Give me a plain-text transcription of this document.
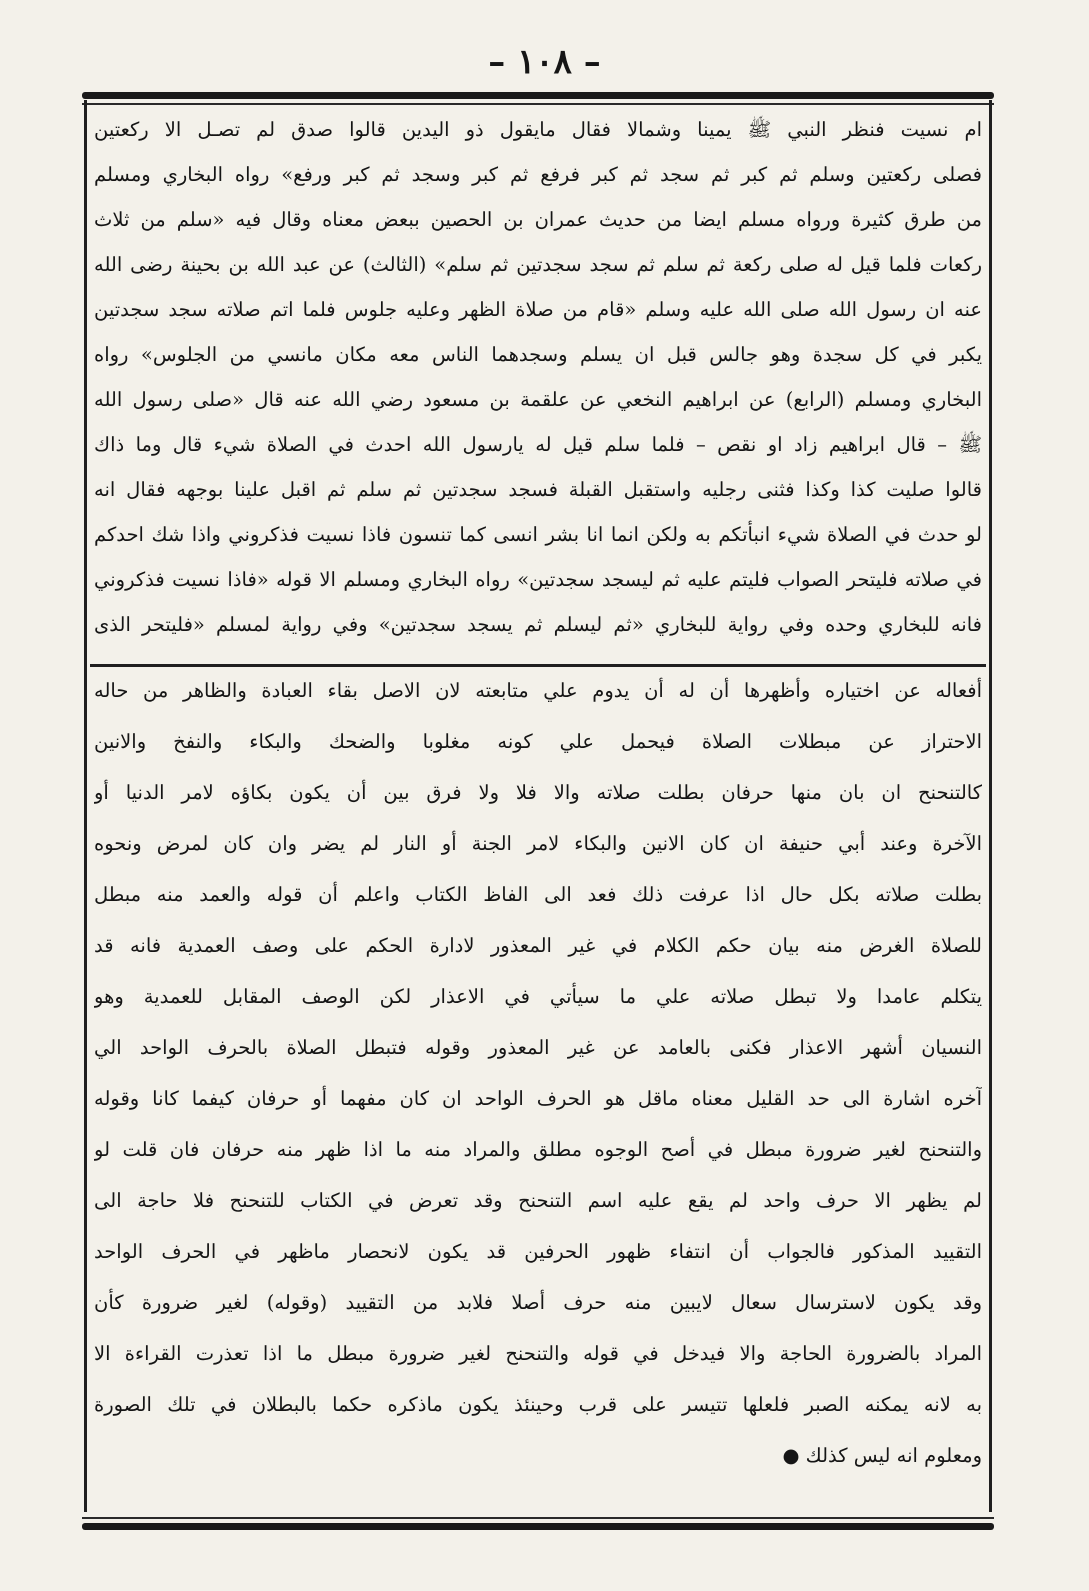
– ١٠٨ –
ام نسيت فنظر النبي ﷺ يمينا وشمالا فقال مايقول ذو اليدين قالوا صدق لم تصـل الا ركعتين
فصلى ركعتين وسلم ثم كبر ثم سجد ثم كبر فرفع ثم كبر وسجد ثم كبر ورفع» رواه البخاري ومسلم
من طرق كثيرة ورواه مسلم ايضا من حديث عمران بن الحصين ببعض معناه وقال فيه «سلم من ثلاث
ركعات فلما قيل له صلى ركعة ثم سلم ثم سجد سجدتين ثم سلم» (الثالث) عن عبد الله بن بحينة رضى الله
عنه ان رسول الله صلى الله عليه وسلم «قام من صلاة الظهر وعليه جلوس فلما اتم صلاته سجد سجدتين
يكبر في كل سجدة وهو جالس قبل ان يسلم وسجدهما الناس معه مكان مانسي من الجلوس» رواه
البخاري ومسلم (الرابع) عن ابراهيم النخعي عن علقمة بن مسعود رضي الله عنه قال «صلى رسول الله
ﷺ – قال ابراهيم زاد او نقص – فلما سلم قيل له يارسول الله احدث في الصلاة شيء قال وما ذاك
قالوا صليت كذا وكذا فثنى رجليه واستقبل القبلة فسجد سجدتين ثم سلم ثم اقبل علينا بوجهه فقال انه
لو حدث في الصلاة شيء انبأتكم به ولكن انما انا بشر انسى كما تنسون فاذا نسيت فذكروني واذا شك احدكم
في صلاته فليتحر الصواب فليتم عليه ثم ليسجد سجدتين» رواه البخاري ومسلم الا قوله «فاذا نسيت فذكروني
فانه للبخاري وحده وفي رواية للبخاري «ثم ليسلم ثم يسجد سجدتين» وفي رواية لمسلم «فليتحر الذى
أفعاله عن اختياره وأظهرها أن له أن يدوم علي متابعته لان الاصل بقاء العبادة والظاهر من حاله
الاحتراز عن مبطلات الصلاة فيحمل علي كونه مغلوبا والضحك والبكاء والنفخ والانين
كالتنحنح ان بان منها حرفان بطلت صلاته والا فلا ولا فرق بين أن يكون بكاؤه لامر الدنيا أو
الآخرة وعند أبي حنيفة ان كان الانين والبكاء لامر الجنة أو النار لم يضر وان كان لمرض ونحوه
بطلت صلاته بكل حال اذا عرفت ذلك فعد الى الفاظ الكتاب واعلم أن قوله والعمد منه مبطل
للصلاة الغرض منه بيان حكم الكلام في غير المعذور لادارة الحكم على وصف العمدية فانه قد
يتكلم عامدا ولا تبطل صلاته علي ما سيأتي في الاعذار لكن الوصف المقابل للعمدية وهو
النسيان أشهر الاعذار فكنى بالعامد عن غير المعذور وقوله فتبطل الصلاة بالحرف الواحد الي
آخره اشارة الى حد القليل معناه ماقل هو الحرف الواحد ان كان مفهما أو حرفان كيفما كانا وقوله
والتنحنح لغير ضرورة مبطل في أصح الوجوه مطلق والمراد منه ما اذا ظهر منه حرفان فان قلت لو
لم يظهر الا حرف واحد لم يقع عليه اسم التنحنح وقد تعرض في الكتاب للتنحنح فلا حاجة الى
التقييد المذكور فالجواب أن انتفاء ظهور الحرفين قد يكون لانحصار ماظهر في الحرف الواحد
وقد يكون لاسترسال سعال لايبين منه حرف أصلا فلابد من التقييد (وقوله) لغير ضرورة كأن
المراد بالضرورة الحاجة والا فيدخل في قوله والتنحنح لغير ضرورة مبطل ما اذا تعذرت القراءة الا
به لانه يمكنه الصبر فلعلها تتيسر على قرب وحينئذ يكون ماذكره حكما بالبطلان في تلك الصورة
ومعلوم انه ليس كذلك ●
